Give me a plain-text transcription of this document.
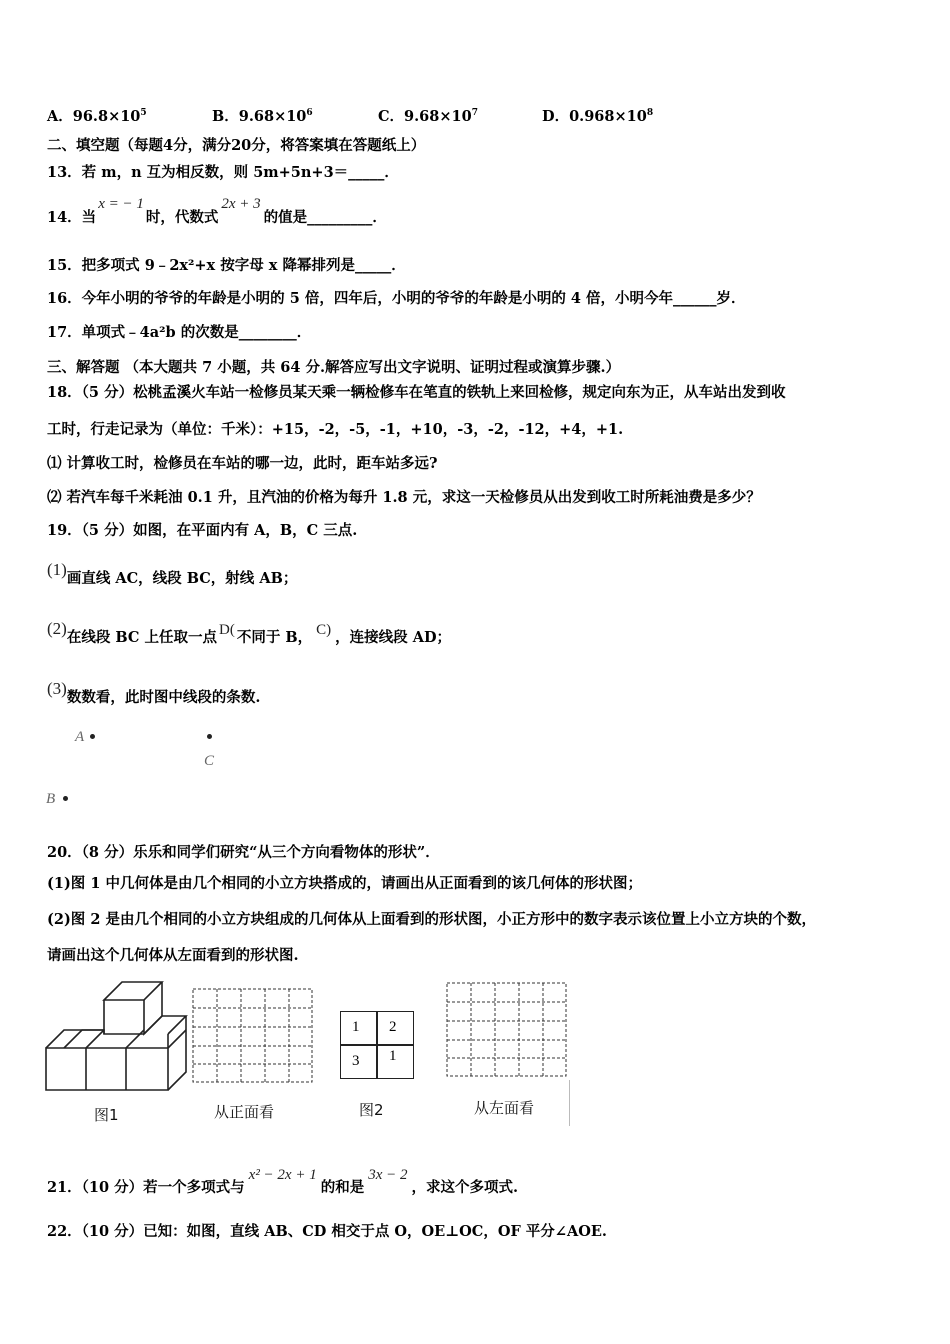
A．$96.8\times 10^5$	B．$9.68\times 10^6$	C．$9.68\times 10^7$	D．$0.968\times 10^8$
二、填空题（每题4分，满分20分，将答案填在答题纸上）
13．若 m，n 互为相反数，则 5m+5n+3＝_____．
14．当x = − 1时，代数式2x + 3的值是_________．
15．把多项式 9﹣2x²+x 按字母 x 降幂排列是_____．
16．今年小明的爷爷的年龄是小明的 5 倍，四年后，小明的爷爷的年龄是小明的 4 倍，小明今年______岁．
17．单项式﹣4a²b 的次数是________．
三、解答题 （本大题共 7 小题，共 64 分.解答应写出文字说明、证明过程或演算步骤.）
18．（5 分）松桃孟溪火车站一检修员某天乘一辆检修车在笔直的铁轨上来回检修，规定向东为正，从车站出发到收
工时，行走记录为（单位：千米）：+15，-2，-5，-1，+10，-3，-2，-12，+4，+1.
⑴ 计算收工时，检修员在车站的哪一边，此时，距车站多远?
⑵ 若汽车每千米耗油 0.1 升，且汽油的价格为每升 1.8 元，求这一天检修员从出发到收工时所耗油费是多少？
19．（5 分）如图，在平面内有 A，B，C 三点.
(1)画直线 AC，线段 BC，射线 AB；
(2)在线段 BC 上任取一点 D( 不同于 B， C) ，连接线段 AD；
(3)数数看，此时图中线段的条数.
A
C
B
20．（8 分）乐乐和同学们研究“从三个方向看物体的形状”．
(1)图 1 中几何体是由几个相同的小立方块搭成的，请画出从正面看到的该几何体的形状图；
(2)图 2 是由几个相同的小立方块组成的几何体从上面看到的形状图，小正方形中的数字表示该位置上小立方块的个数，
请画出这个几何体从左面看到的形状图.
图1	从正面看
1 2
3 1
图2	从左面看
21．（10 分）若一个多项式与x² − 2x + 1的和是3x − 2，求这个多项式.
22．（10 分）已知：如图，直线 AB、CD 相交于点 O，OE⊥OC，OF 平分∠AOE.
